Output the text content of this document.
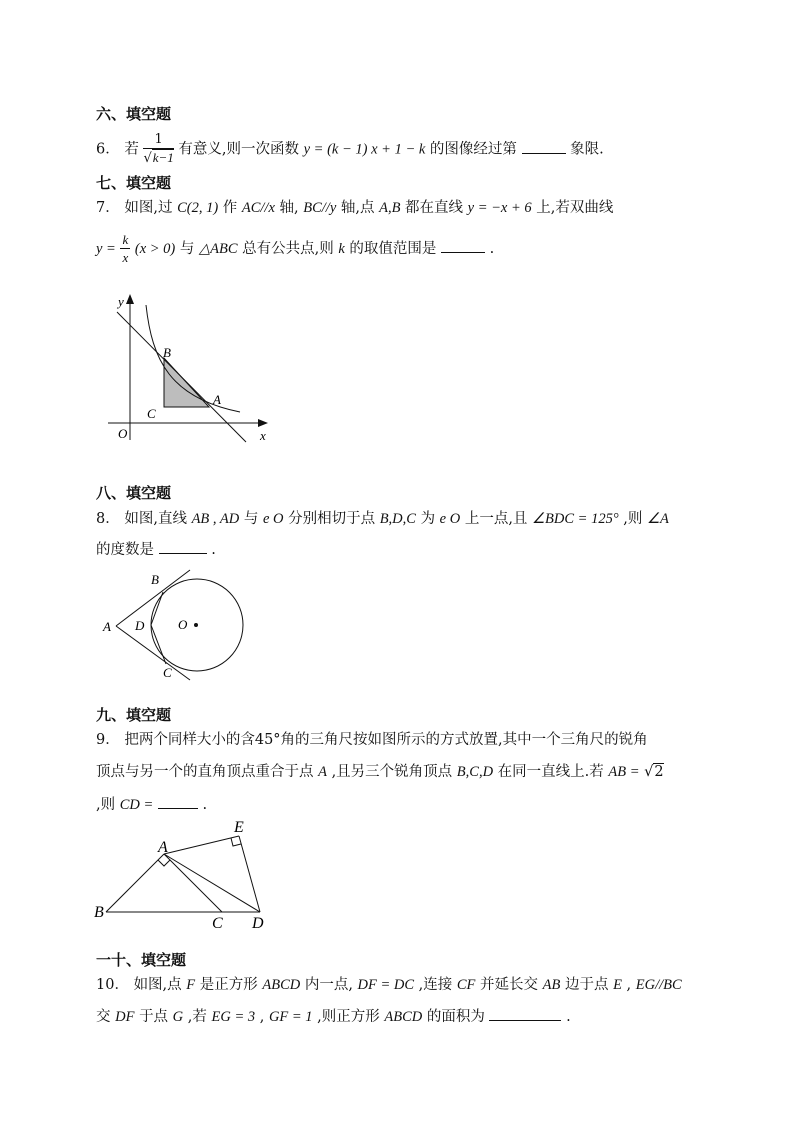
六、填空题
6． 若 $\frac{1}{√k-1}$ 有意义,则一次函数 y = (k − 1) x + 1 − k 的图像经过第	象限.
七、填空题
7． 如图,过 C(2, 1) 作 AC//x 轴, BC//y 轴,点 A,B 都在直线 y = −x + 6 上,若双曲线
$y = \frac{k}{x} (x > 0)$ 与 △ABC 总有公共点,则 k 的取值范围是	.
y
x
O
B
A
C
八、填空题
8． 如图,直线 AB , AD 与 e O 分别相切于点 B,D,C 为 e O 上一点,且 ∠BDC = 125° ,则 ∠A
的度数是	.
A
B
C
D	O
九、填空题
9． 把两个同样大小的含45°角的三角尺按如图所示的方式放置,其中一个三角尺的锐角
顶点与另一个的直角顶点重合于点 A ,且另三个锐角顶点 B,C,D 在同一直线上.若 AB = √2
,则 CD =	.
A
B
C D
E
一十、填空题
10． 如图,点 F 是正方形 ABCD 内一点, DF = DC ,连接 CF 并延长交 AB 边于点 E , EG//BC
交 DF 于点 G ,若 EG = 3 , GF = 1 ,则正方形 ABCD 的面积为	.
